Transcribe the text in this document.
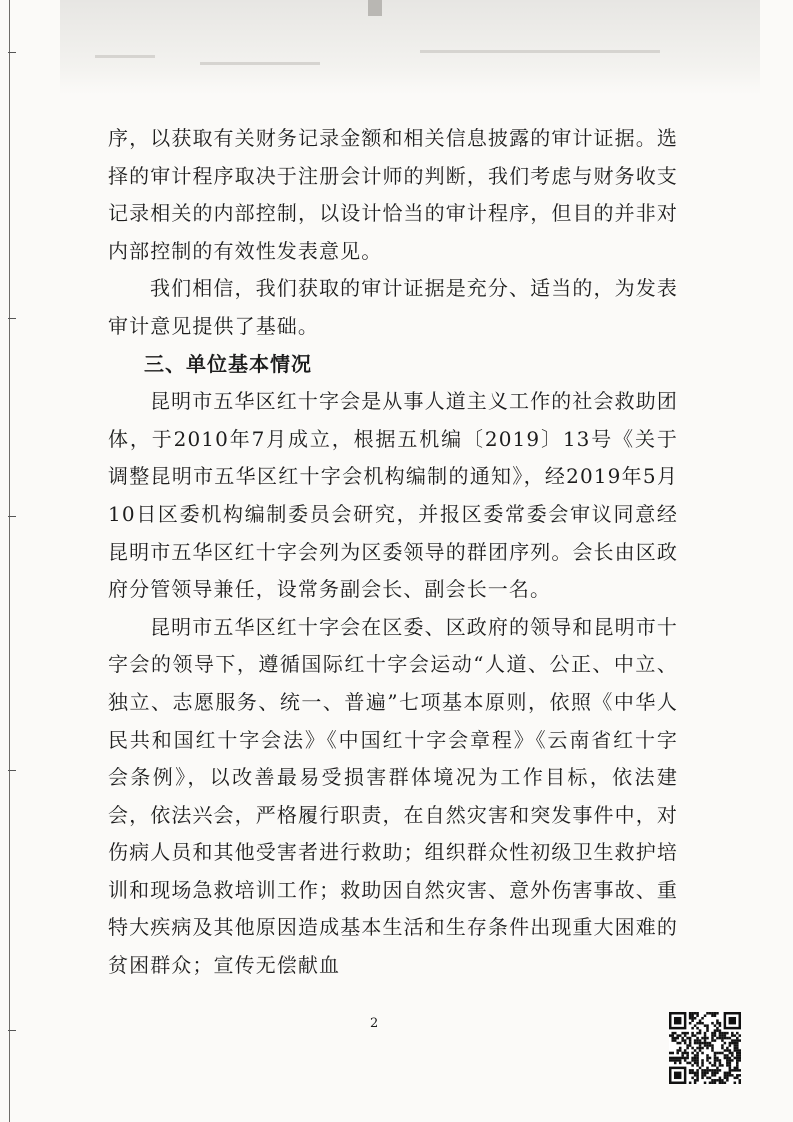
序，以获取有关财务记录金额和相关信息披露的审计证据。选择的审计程序取决于注册会计师的判断，我们考虑与财务收支记录相关的内部控制，以设计恰当的审计程序，但目的并非对内部控制的有效性发表意见。

我们相信，我们获取的审计证据是充分、适当的，为发表审计意见提供了基础。

三、单位基本情况

昆明市五华区红十字会是从事人道主义工作的社会救助团体，于2010年7月成立，根据五机编〔2019〕13号《关于调整昆明市五华区红十字会机构编制的通知》，经2019年5月10日区委机构编制委员会研究，并报区委常委会审议同意经昆明市五华区红十字会列为区委领导的群团序列。会长由区政府分管领导兼任，设常务副会长、副会长一名。

昆明市五华区红十字会在区委、区政府的领导和昆明市十字会的领导下，遵循国际红十字会运动“人道、公正、中立、独立、志愿服务、统一、普遍”七项基本原则，依照《中华人民共和国红十字会法》《中国红十字会章程》《云南省红十字会条例》，以改善最易受损害群体境况为工作目标，依法建会，依法兴会，严格履行职责，在自然灾害和突发事件中，对伤病人员和其他受害者进行救助；组织群众性初级卫生救护培训和现场急救培训工作；救助因自然灾害、意外伤害事故、重特大疾病及其他原因造成基本生活和生存条件出现重大困难的贫困群众；宣传无偿献血

2
